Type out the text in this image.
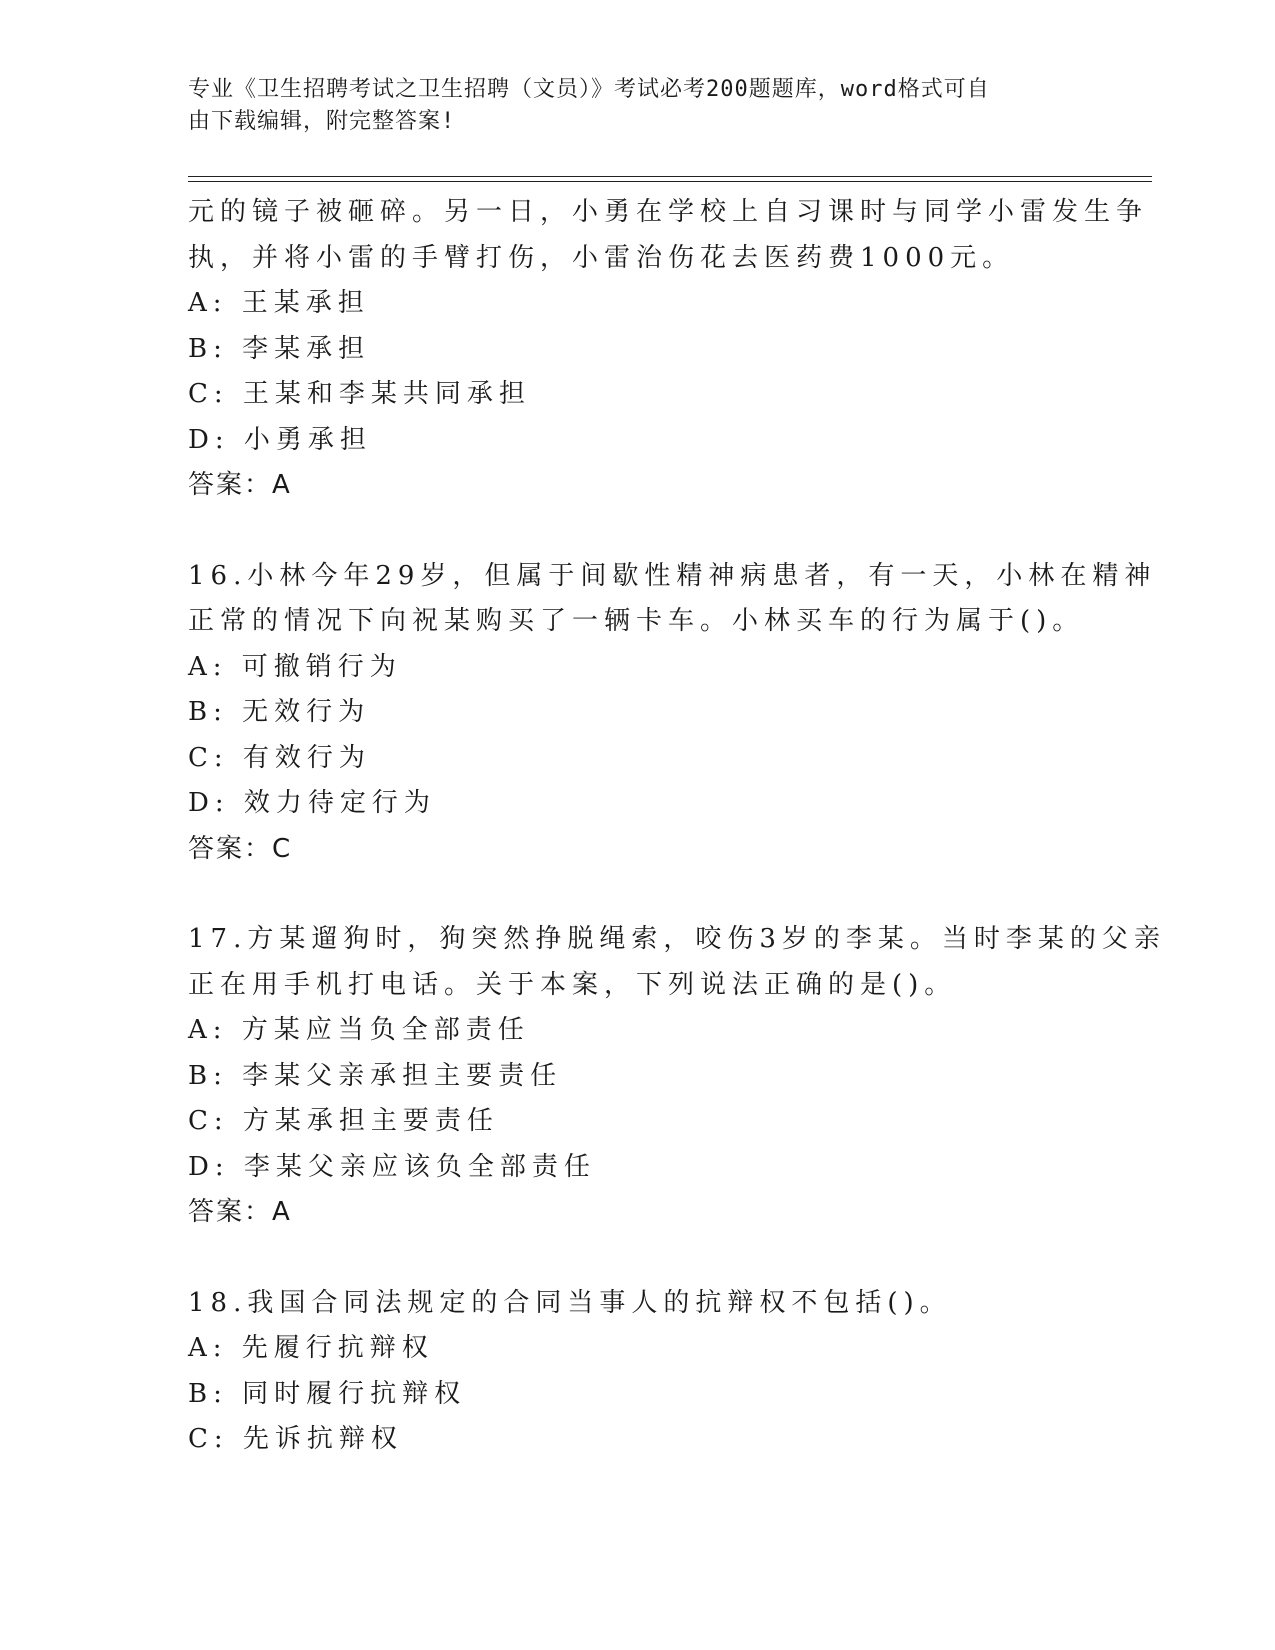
专业《卫生招聘考试之卫生招聘（文员）》考试必考200题题库，word格式可自
由下载编辑，附完整答案!
元的镜子被砸碎。另一日，小勇在学校上自习课时与同学小雷发生争
执，并将小雷的手臂打伤，小雷治伤花去医药费1000元。
A: 王某承担
B: 李某承担
C: 王某和李某共同承担
D: 小勇承担
答案：A
16.小林今年29岁，但属于间歇性精神病患者，有一天，小林在精神
正常的情况下向祝某购买了一辆卡车。小林买车的行为属于()。
A: 可撤销行为
B: 无效行为
C: 有效行为
D: 效力待定行为
答案：C
17.方某遛狗时，狗突然挣脱绳索，咬伤3岁的李某。当时李某的父亲
正在用手机打电话。关于本案，下列说法正确的是()。
A: 方某应当负全部责任
B: 李某父亲承担主要责任
C: 方某承担主要责任
D: 李某父亲应该负全部责任
答案：A
18.我国合同法规定的合同当事人的抗辩权不包括()。
A: 先履行抗辩权
B: 同时履行抗辩权
C: 先诉抗辩权
